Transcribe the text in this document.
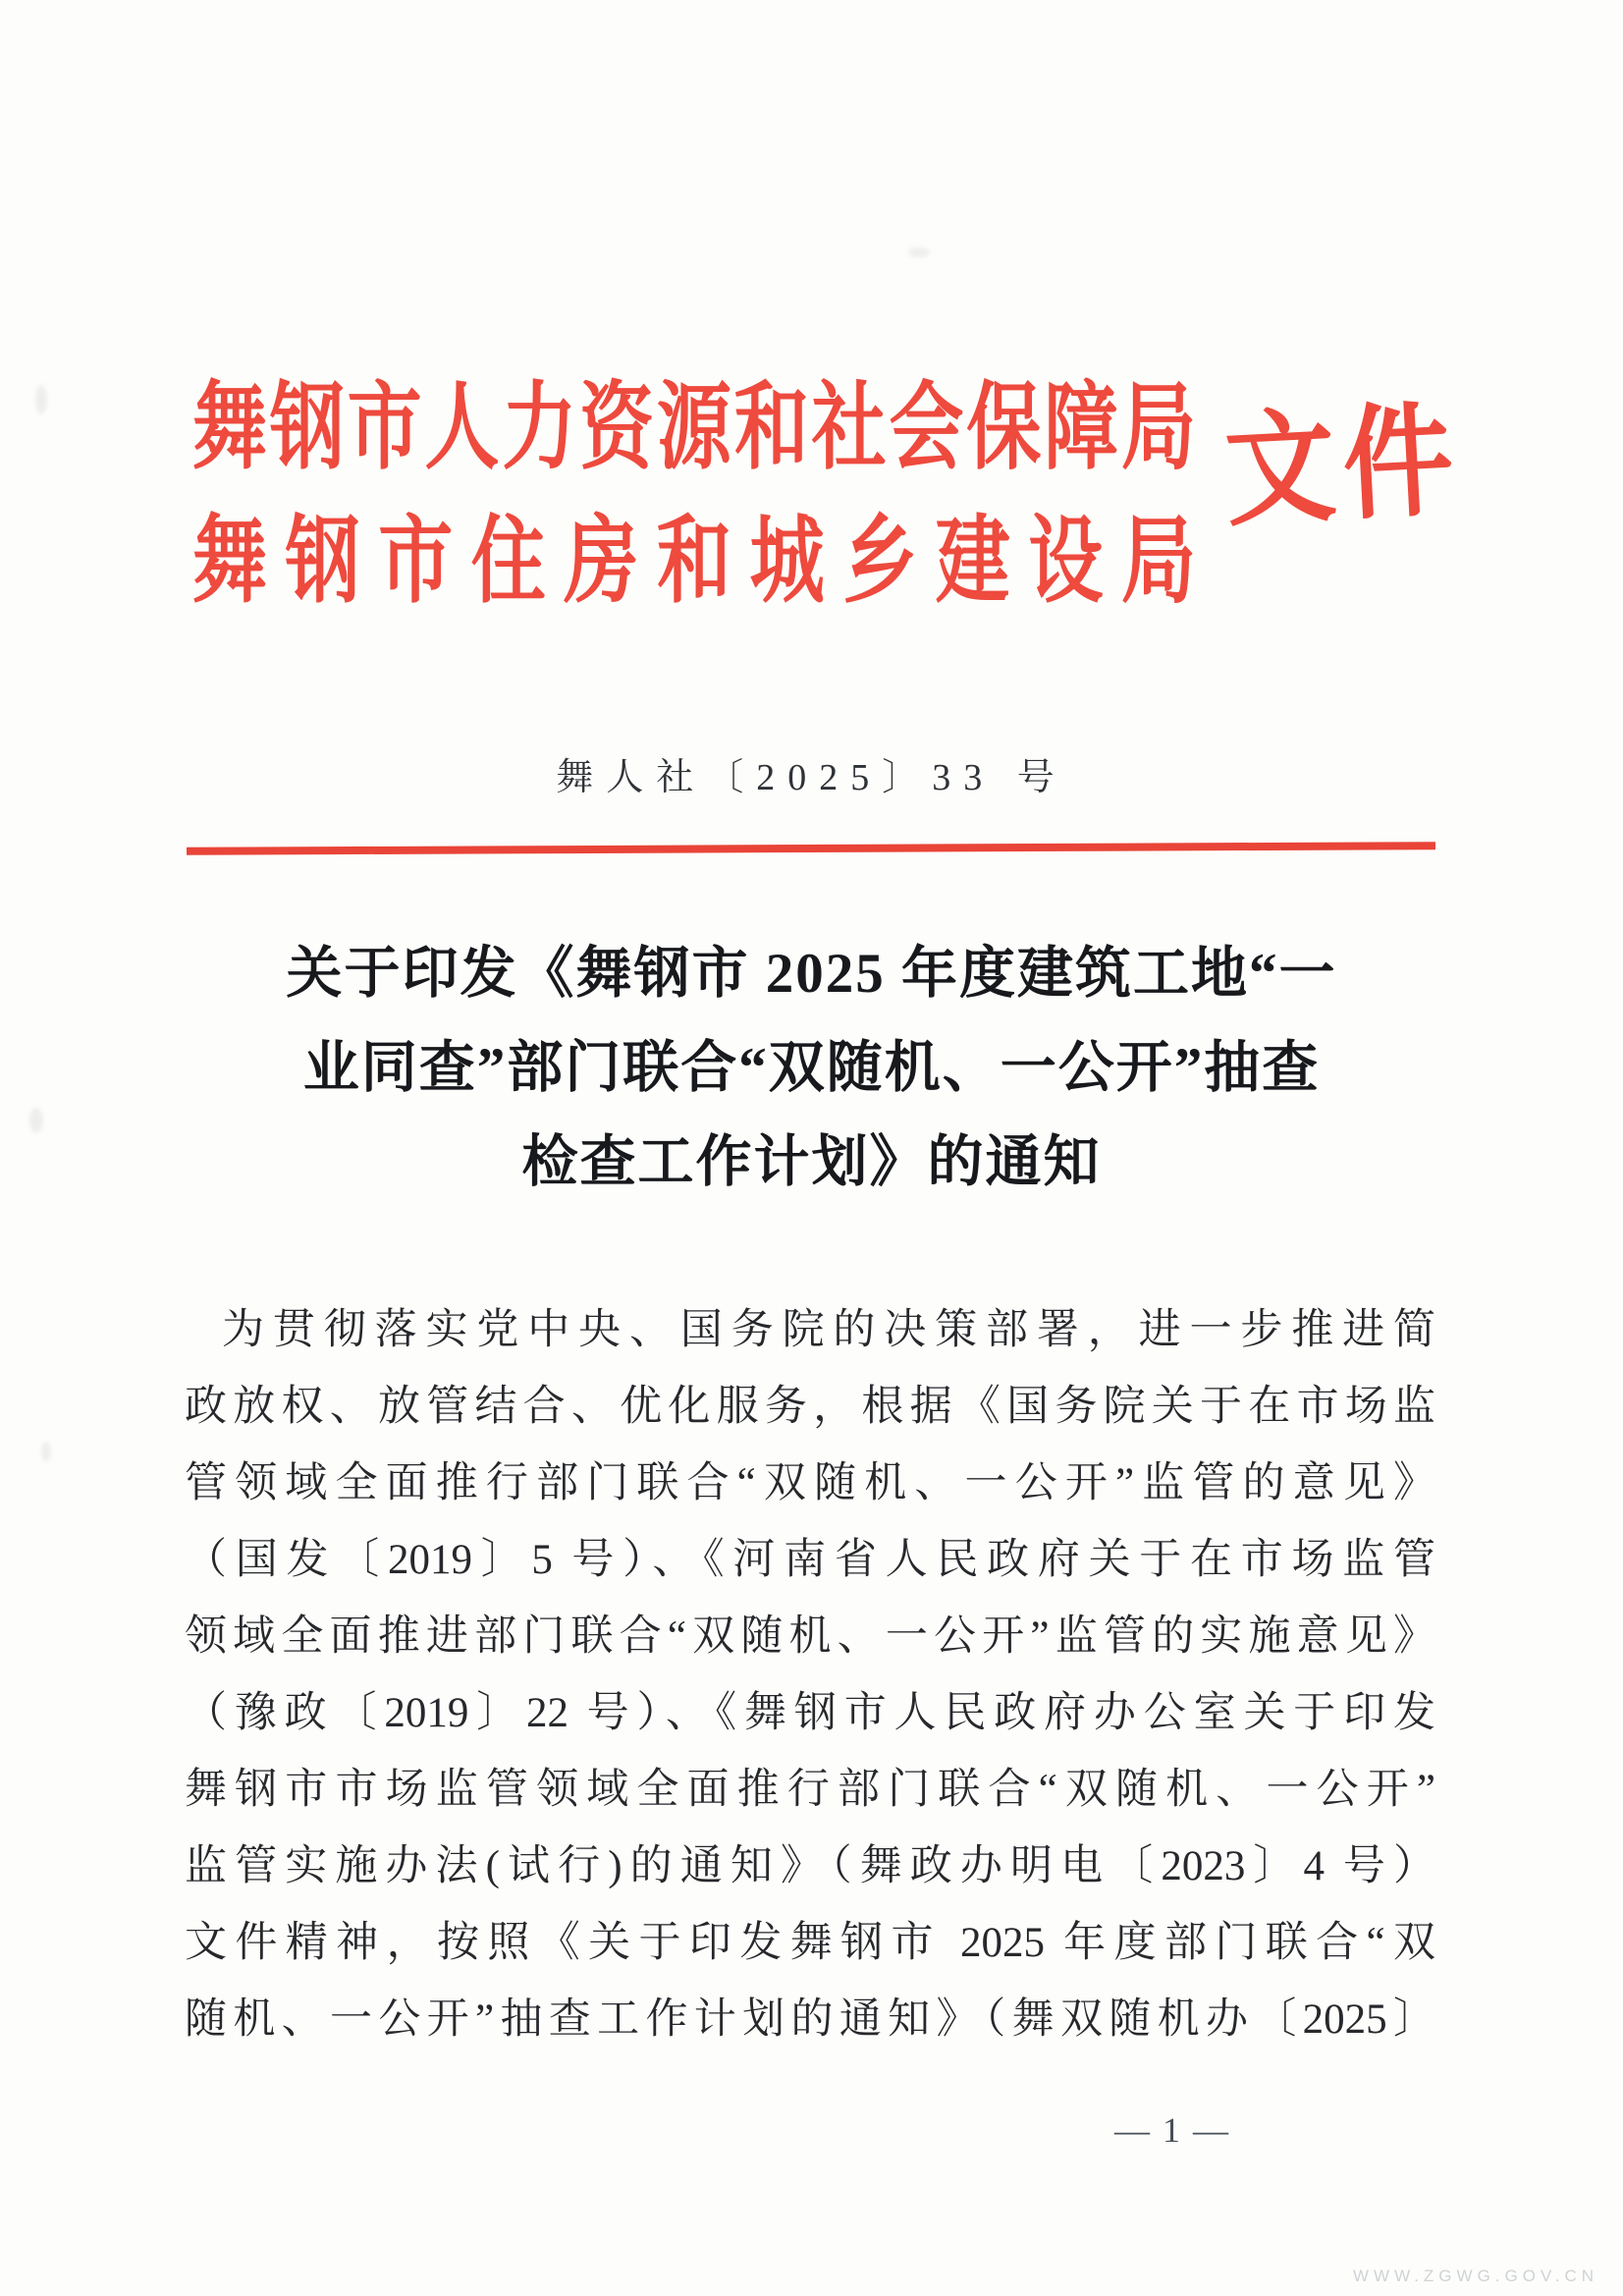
舞钢市人力资源和社会保障局
舞钢市住房和城乡建设局
文件
舞人社〔2025〕33 号
关于印发《舞钢市 2025 年度建筑工地“一
业同查”部门联合“双随机、一公开”抽查
检查工作计划》的通知
为贯彻落实党中央、国务院的决策部署，进一步推进简
政放权、放管结合、优化服务，根据《国务院关于在市场监
管领域全面推行部门联合“双随机、一公开”监管的意见》
（国发〔2019〕5 号）、《河南省人民政府关于在市场监管
领域全面推进部门联合“双随机、一公开”监管的实施意见》
（豫政〔2019〕22 号）、《舞钢市人民政府办公室关于印发
舞钢市市场监管领域全面推行部门联合“双随机、一公开”
监管实施办法(试行)的通知》（舞政办明电〔2023〕4 号）
文件精神，按照《关于印发舞钢市 2025 年度部门联合“双
随机、一公开”抽查工作计划的通知》（舞双随机办〔2025〕
— 1 —
WWW.ZGWG.GOV.CN
